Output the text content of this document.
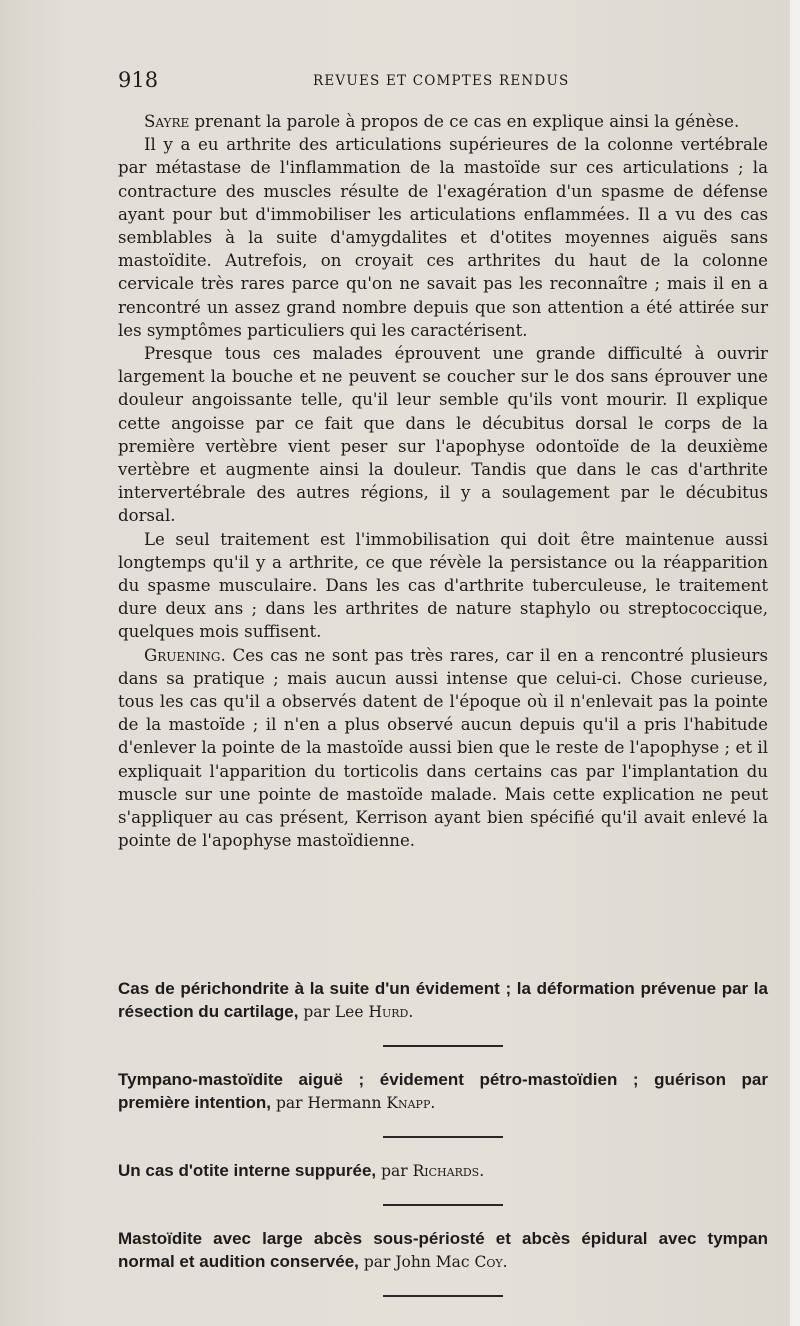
918	REVUES ET COMPTES RENDUS

Sayre prenant la parole à propos de ce cas en explique ainsi la génèse.

Il y a eu arthrite des articulations supérieures de la colonne vertébrale par métastase de l'inflammation de la mastoïde sur ces articulations ; la contracture des muscles résulte de l'exagération d'un spasme de défense ayant pour but d'immobiliser les articulations enflammées. Il a vu des cas semblables à la suite d'amygdalites et d'otites moyennes aiguës sans mastoïdite. Autrefois, on croyait ces arthrites du haut de la colonne cervicale très rares parce qu'on ne savait pas les reconnaître ; mais il en a rencontré un assez grand nombre depuis que son attention a été attirée sur les symptômes particuliers qui les caractérisent.

Presque tous ces malades éprouvent une grande difficulté à ouvrir largement la bouche et ne peuvent se coucher sur le dos sans éprouver une douleur angoissante telle, qu'il leur semble qu'ils vont mourir. Il explique cette angoisse par ce fait que dans le décubitus dorsal le corps de la première vertèbre vient peser sur l'apophyse odontoïde de la deuxième vertèbre et augmente ainsi la douleur. Tandis que dans le cas d'arthrite intervertébrale des autres régions, il y a soulagement par le décubitus dorsal.

Le seul traitement est l'immobilisation qui doit être maintenue aussi longtemps qu'il y a arthrite, ce que révèle la persistance ou la réapparition du spasme musculaire. Dans les cas d'arthrite tuberculeuse, le traitement dure deux ans ; dans les arthrites de nature staphylo ou streptococcique, quelques mois suffisent.

Gruening. Ces cas ne sont pas très rares, car il en a rencontré plusieurs dans sa pratique ; mais aucun aussi intense que celui-ci. Chose curieuse, tous les cas qu'il a observés datent de l'époque où il n'enlevait pas la pointe de la mastoïde ; il n'en a plus observé aucun depuis qu'il a pris l'habitude d'enlever la pointe de la mastoïde aussi bien que le reste de l'apophyse ; et il expliquait l'apparition du torticolis dans certains cas par l'implantation du muscle sur une pointe de mastoïde malade. Mais cette explication ne peut s'appliquer au cas présent, Kerrison ayant bien spécifié qu'il avait enlevé la pointe de l'apophyse mastoïdienne.

Cas de périchondrite à la suite d'un évidement ; la déformation prévenue par la résection du cartilage, par Lee Hurd.
Tympano-mastoïdite aiguë ; évidement pétro-mastoïdien ; guérison par première intention, par Hermann Knapp.
Un cas d'otite interne suppurée, par Richards.
Mastoïdite avec large abcès sous-périosté et abcès épidural avec tympan normal et audition conservée, par John Mac Coy.
